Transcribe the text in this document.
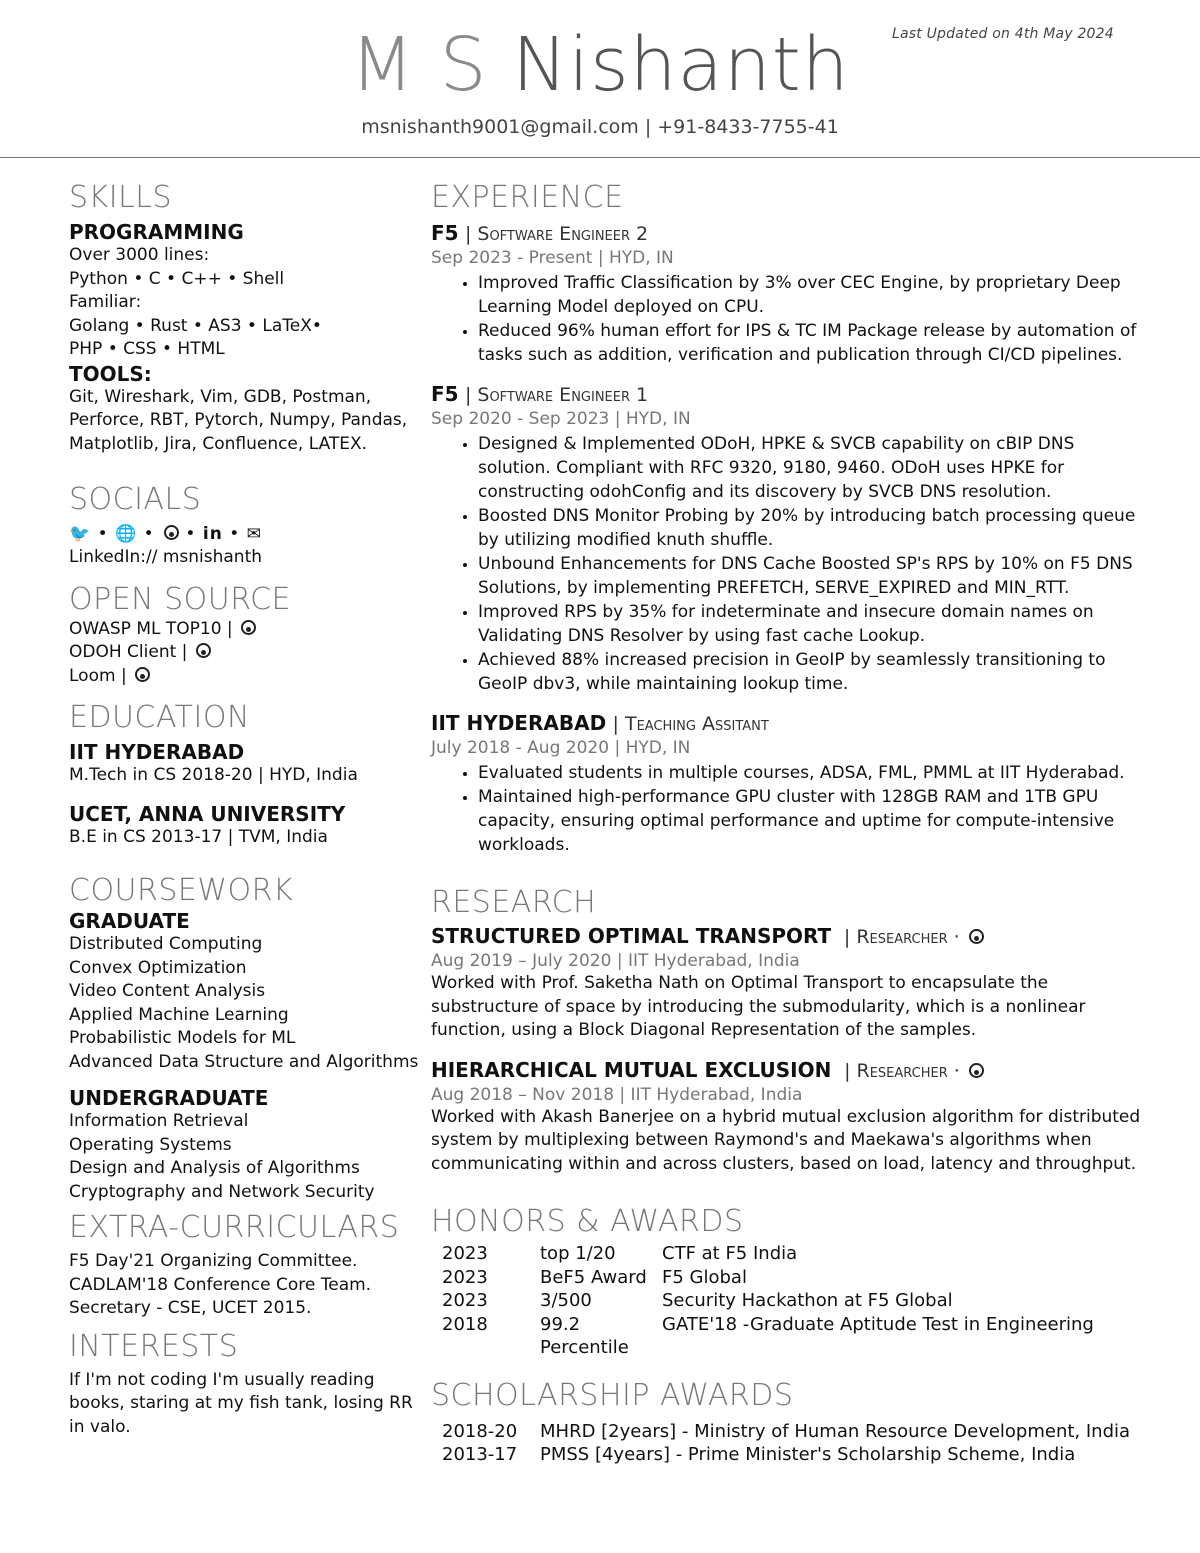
Last Updated on 4th May 2024
M S Nishanth
msnishanth9001@gmail.com | +91-8433-7755-41
SKILLS
PROGRAMMING
Over 3000 lines:
Python • C • C++ • Shell
Familiar:
Golang • Rust • AS3 • LaTeX•
PHP • CSS • HTML
TOOLS:
Git, Wireshark, Vim, GDB, Postman, Perforce, RBT, Pytorch, Numpy, Pandas, Matplotlib, Jira, Confluence, LATEX.
SOCIALS
🐦 • 🌐 •  • in • ✉
LinkedIn:// msnishanth
OPEN SOURCE
OWASP ML TOP10 |
ODOH Client |
Loom |
EDUCATION
IIT HYDERABAD
M.Tech in CS 2018-20 | HYD, India
UCET, ANNA UNIVERSITY
B.E in CS 2013-17 | TVM, India
COURSEWORK
GRADUATE
Distributed Computing
Convex Optimization
Video Content Analysis
Applied Machine Learning
Probabilistic Models for ML
Advanced Data Structure and Algorithms
UNDERGRADUATE
Information Retrieval
Operating Systems
Design and Analysis of Algorithms
Cryptography and Network Security
EXTRA-CURRICULARS
F5 Day'21 Organizing Committee.
CADLAM'18 Conference Core Team.
Secretary - CSE, UCET 2015.
INTERESTS
If I'm not coding I'm usually reading books, staring at my fish tank, losing RR in valo.
EXPERIENCE
F5 | Software Engineer 2
Sep 2023 - Present | HYD, IN
• Improved Traffic Classification by 3% over CEC Engine, by proprietary Deep Learning Model deployed on CPU.
• Reduced 96% human effort for IPS & TC IM Package release by automation of tasks such as addition, verification and publication through CI/CD pipelines.
F5 | Software Engineer 1
Sep 2020 - Sep 2023 | HYD, IN
• Designed & Implemented ODoH, HPKE & SVCB capability on cBIP DNS solution. Compliant with RFC 9320, 9180, 9460. ODoH uses HPKE for constructing odohConfig and its discovery by SVCB DNS resolution.
• Boosted DNS Monitor Probing by 20% by introducing batch processing queue by utilizing modified knuth shuffle.
• Unbound Enhancements for DNS Cache Boosted SP's RPS by 10% on F5 DNS Solutions, by implementing PREFETCH, SERVE_EXPIRED and MIN_RTT.
• Improved RPS by 35% for indeterminate and insecure domain names on Validating DNS Resolver by using fast cache Lookup.
• Achieved 88% increased precision in GeoIP by seamlessly transitioning to GeoIP dbv3, while maintaining lookup time.
IIT HYDERABAD | Teaching Assitant
July 2018 - Aug 2020 | HYD, IN
• Evaluated students in multiple courses, ADSA, FML, PMML at IIT Hyderabad.
• Maintained high-performance GPU cluster with 128GB RAM and 1TB GPU capacity, ensuring optimal performance and uptime for compute-intensive workloads.
RESEARCH
STRUCTURED OPTIMAL TRANSPORT | Researcher ·
Aug 2019 – July 2020 | IIT Hyderabad, India
Worked with Prof. Saketha Nath on Optimal Transport to encapsulate the substructure of space by introducing the submodularity, which is a nonlinear function, using a Block Diagonal Representation of the samples.
HIERARCHICAL MUTUAL EXCLUSION | Researcher ·
Aug 2018 – Nov 2018 | IIT Hyderabad, India
Worked with Akash Banerjee on a hybrid mutual exclusion algorithm for distributed system by multiplexing between Raymond's and Maekawa's algorithms when communicating within and across clusters, based on load, latency and throughput.
HONORS & AWARDS
2023	top 1/20	CTF at F5 India
2023	BeF5 Award	F5 Global
2023	3/500	Security Hackathon at F5 Global
2018	99.2 Percentile	GATE'18 -Graduate Aptitude Test in Engineering
SCHOLARSHIP AWARDS
2018-20	MHRD [2years] - Ministry of Human Resource Development, India
2013-17	PMSS [4years] - Prime Minister's Scholarship Scheme, India
